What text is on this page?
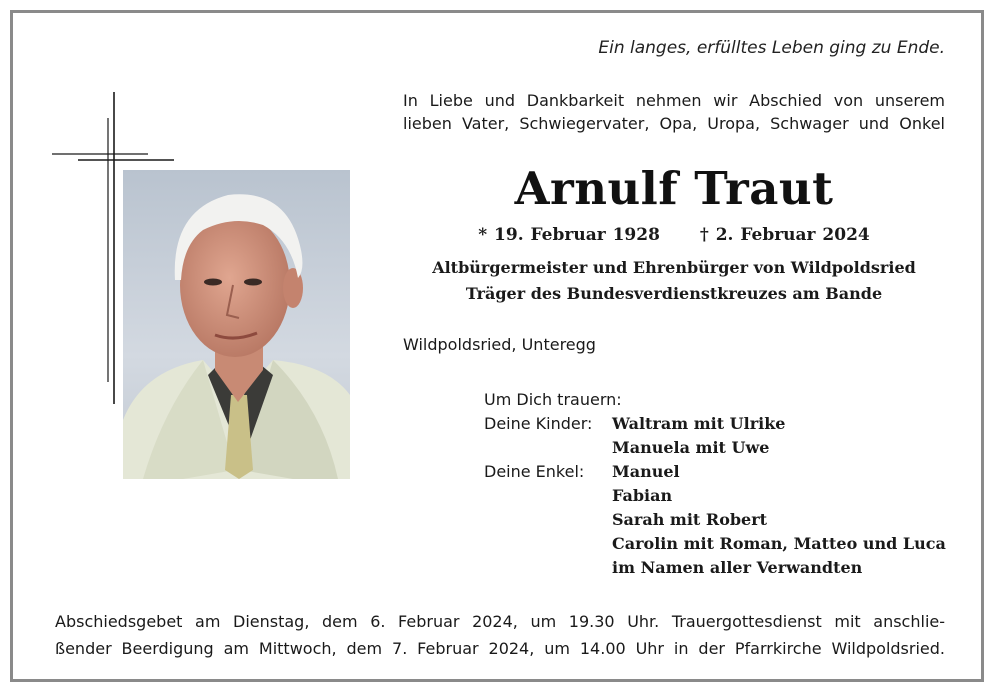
Ein langes, erfülltes Leben ging zu Ende.
In Liebe und Dankbarkeit nehmen wir Abschied von unserem
lieben Vater, Schwiegervater, Opa, Uropa, Schwager und Onkel
Arnulf Traut
* 19. Februar 1928 † 2. Februar 2024
Altbürgermeister und Ehrenbürger von Wildpoldsried
Träger des Bundesverdienstkreuzes am Bande
Wildpoldsried, Unteregg
Um Dich trauern:
Deine Kinder:	Waltram mit Ulrike
Manuela mit Uwe
Deine Enkel:	Manuel
Fabian
Sarah mit Robert
Carolin mit Roman, Matteo und Luca
im Namen aller Verwandten
Abschiedsgebet am Dienstag, dem 6. Februar 2024, um 19.30 Uhr. Trauergottesdienst mit anschlie-
ßender Beerdigung am Mittwoch, dem 7. Februar 2024, um 14.00 Uhr in der Pfarrkirche Wildpoldsried.
